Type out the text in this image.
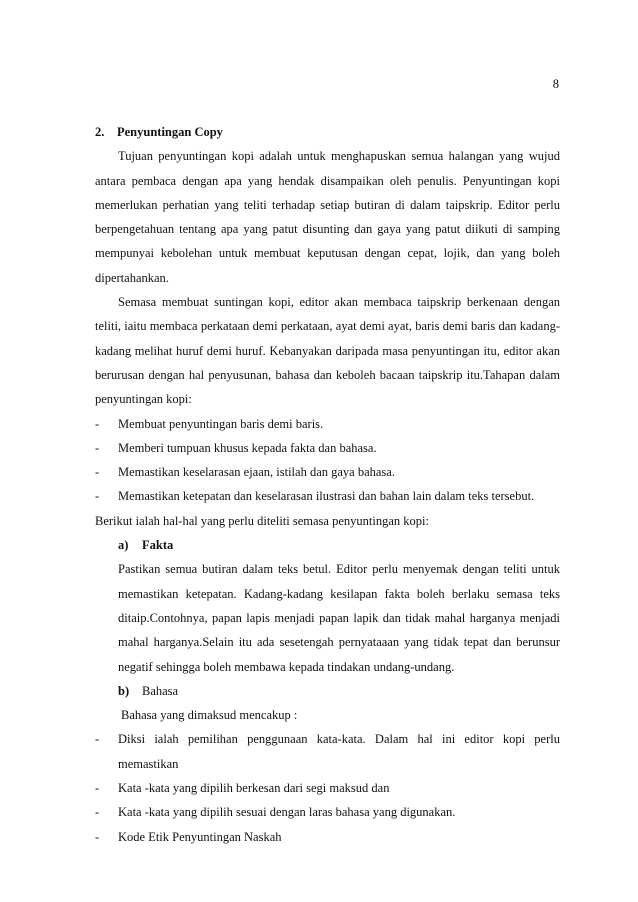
8
2.	Penyuntingan Copy

Tujuan penyuntingan kopi adalah untuk menghapuskan semua halangan yang wujud antara pembaca dengan apa yang hendak disampaikan oleh penulis. Penyuntingan kopi memerlukan perhatian yang teliti terhadap setiap butiran di dalam taipskrip. Editor perlu berpengetahuan tentang apa yang patut disunting dan gaya yang patut diikuti di samping mempunyai kebolehan untuk membuat keputusan dengan cepat, lojik, dan yang boleh dipertahankan.

Semasa membuat suntingan kopi, editor akan membaca taipskrip berkenaan dengan teliti, iaitu membaca perkataan demi perkataan, ayat demi ayat, baris demi baris dan kadang-kadang melihat huruf demi huruf. Kebanyakan daripada masa penyuntingan itu, editor akan berurusan dengan hal penyusunan, bahasa dan keboleh bacaan taipskrip itu.Tahapan dalam penyuntingan kopi:

-	Membuat penyuntingan baris demi baris.
-	Memberi tumpuan khusus kepada fakta dan bahasa.
-	Memastikan keselarasan ejaan, istilah dan gaya bahasa.
-	Memastikan ketepatan dan keselarasan ilustrasi dan bahan lain dalam teks tersebut.

Berikut ialah hal-hal yang perlu diteliti semasa penyuntingan kopi:

a)	Fakta

Pastikan semua butiran dalam teks betul. Editor perlu menyemak dengan teliti untuk memastikan ketepatan. Kadang-kadang kesilapan fakta boleh berlaku semasa teks ditaip.Contohnya, papan lapis menjadi papan lapik dan tidak mahal harganya menjadi mahal harganya.Selain itu ada sesetengah pernyataaan yang tidak tepat dan berunsur negatif sehingga boleh membawa kepada tindakan undang-undang.

b)	Bahasa

Bahasa yang dimaksud mencakup :

-	Diksi ialah pemilihan penggunaan kata-kata. Dalam hal ini editor kopi perlu memastikan
-	Kata -kata yang dipilih berkesan dari segi maksud dan
-	Kata -kata yang dipilih sesuai dengan laras bahasa yang digunakan.
-	Kode Etik Penyuntingan Naskah
